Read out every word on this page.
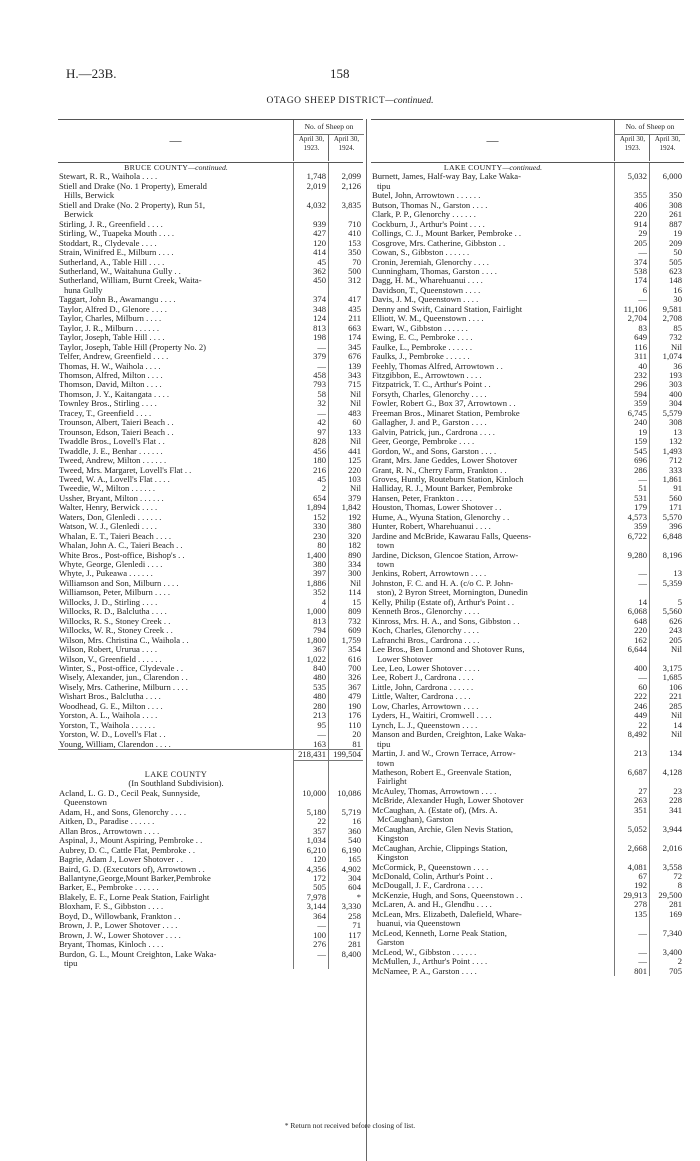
H.—23B.	158
OTAGO SHEEP DISTRICT—continued.
—
No. of Sheep on
April 30, 1923.
April 30, 1924.
BRUCE COUNTY—continued.
Stewart, R. R., Waihola . . . .	1,748	2,099
Stiell and Drake (No. 1 Property), Emerald	2,019	2,126
Hills, Berwick
Stiell and Drake (No. 2 Property), Run 51,	4,032	3,835
Berwick
Stirling, J. R., Greenfield . . . .	939	710
Stirling, W., Tuapeka Mouth . . . .	427	410
Stoddart, R., Clydevale . . . .	120	153
Strain, Winifred E., Milburn . . . .	414	350
Sutherland, A., Table Hill . . . .	45	70
Sutherland, W., Waitahuna Gully . .	362	500
Sutherland, William, Burnt Creek, Waita-	450	312
huna Gully
Taggart, John B., Awamangu . . . .	374	417
Taylor, Alfred D., Glenore . . . .	348	435
Taylor, Charles, Milburn . . . .	124	211
Taylor, J. R., Milburn . . . . . .	813	663
Taylor, Joseph, Table Hill . . . .	198	174
Taylor, Joseph, Table Hill (Property No. 2)	—	345
Telfer, Andrew, Greenfield . . . .	379	676
Thomas, H. W., Waihola . . . .	—	139
Thomson, Alfred, Milton . . . .	458	343
Thomson, David, Milton . . . .	793	715
Thomson, J. Y., Kaitangata . . . .	58	Nil
Townley Bros., Stirling . . . .	32	Nil
Tracey, T., Greenfield . . . .	—	483
Trounson, Albert, Taieri Beach . .	42	60
Trounson, Edson, Taieri Beach . .	97	133
Twaddle Bros., Lovell's Flat . .	828	Nil
Twaddle, J. E., Benhar . . . . . .	456	441
Tweed, Andrew, Milton . . . . . .	180	125
Tweed, Mrs. Margaret, Lovell's Flat . .	216	220
Tweed, W. A., Lovell's Flat . . . .	45	103
Tweedie, W., Milton . . . . . .	2	Nil
Ussher, Bryant, Milton . . . . . .	654	379
Walter, Henry, Berwick . . . .	1,894	1,842
Waters, Don, Glenledi . . . . . .	152	192
Watson, W. J., Glenledi . . . .	330	380
Whalan, E. T., Taieri Beach . . . .	230	320
Whalan, John A. C., Taieri Beach . .	80	182
White Bros., Post-office, Bishop's . .	1,400	890
Whyte, George, Glenledi . . . .	380	334
Whyte, J., Pukeawa . . . . . .	397	300
Williamson and Son, Milburn . . . .	1,886	Nil
Williamson, Peter, Milburn . . . .	352	114
Willocks, J. D., Stirling . . . .	4	15
Willocks, R. D., Balclutha . . . .	1,000	809
Willocks, R. S., Stoney Creek . .	813	732
Willocks, W. R., Stoney Creek . .	794	609
Wilson, Mrs. Christina C., Waihola . .	1,800	1,759
Wilson, Robert, Ururua . . . .	367	354
Wilson, V., Greenfield . . . . . .	1,022	616
Winter, S., Post-office, Clydevale . .	840	700
Wisely, Alexander, jun., Clarendon . .	480	326
Wisely, Mrs. Catherine, Milburn . . . .	535	367
Wishart Bros., Balclutha . . . .	480	479
Woodhead, G. E., Milton . . . .	280	190
Yorston, A. L., Waihola . . . .	213	176
Yorston, T., Waihola . . . . . .	95	110
Yorston, W. D., Lovell's Flat . .	—	20
Young, William, Clarendon . . . .	163	81
218,431 199,504

LAKE COUNTY
(In Southland Subdivision).
Acland, L. G. D., Cecil Peak, Sunnyside,	10,000	10,086
Queenstown
Adam, H., and Sons, Glenorchy . . . .	5,180	5,719
Aitken, D., Paradise . . . . . .	22	16
Allan Bros., Arrowtown . . . .	357	360
Aspinal, J., Mount Aspiring, Pembroke . .	1,034	540
Aubrey, D. C., Cattle Flat, Pembroke . .	6,210	6,190
Bagrie, Adam J., Lower Shotover . .	120	165
Baird, G. D. (Executors of), Arrowtown . .	4,356	4,902
Ballantyne,George,Mount Barker,Pembroke	172	304
Barker, E., Pembroke . . . . . .	505	604
Blakely, E. F., Lorne Peak Station, Fairlight	7,978	*
Bloxham, F. S., Gibbston . . . .	3,144	3,330
Boyd, D., Willowbank, Frankton . .	364	258
Brown, J. P., Lower Shotover . . . .	—	71
Brown, J. W., Lower Shotover . . . .	100	117
Bryant, Thomas, Kinloch . . . .	276	281
Burdon, G. L., Mount Creighton, Lake Waka-	—	8,400
tipu
—
No. of Sheep on
April 30, 1923.
April 30, 1924.
LAKE COUNTY—continued.
Burnett, James, Half-way Bay, Lake Waka-	5,032	6,000
tipu
Butel, John, Arrowtown . . . . . .	355	350
Butson, Thomas N., Garston . . . .	406	308
Clark, P. P., Glenorchy . . . . . .	220	261
Cockburn, J., Arthur's Point . . . .	914	887
Collings, C. J., Mount Barker, Pembroke . .	29	19
Cosgrove, Mrs. Catherine, Gibbston . .	205	209
Cowan, S., Gibbston . . . . . .	—	50
Cronin, Jeremiah, Glenorchy . . . .	374	505
Cunningham, Thomas, Garston . . . .	538	623
Dagg, H. M., Wharehuanui . . . .	174	148
Davidson, T., Queenstown . . . .	6	16
Davis, J. M., Queenstown . . . .	—	30
Denny and Swift, Cainard Station, Fairlight	11,106	9,581
Elliott, W. M., Queenstown . . . .	2,704	2,708
Ewart, W., Gibbston . . . . . .	83	85
Ewing, E. C., Pembroke . . . .	649	732
Faulke, L., Pembroke . . . . . .	116	Nil
Faulks, J., Pembroke . . . . . .	311	1,074
Feehly, Thomas Alfred, Arrowtown . .	40	36
Fitzgibbon, E., Arrowtown . . . .	232	193
Fitzpatrick, T. C., Arthur's Point . .	296	303
Forsyth, Charles, Glenorchy . . . .	594	400
Fowler, Robert G., Box 37, Arrowtown . .	359	304
Freeman Bros., Minaret Station, Pembroke	6,745	5,579
Gallagher, J. and P., Garston . . . .	240	308
Galvin, Patrick, jun., Cardrona . . . .	19	13
Geer, George, Pembroke . . . .	159	132
Gordon, W., and Sons, Garston . . . .	545	1,493
Grant, Mrs. Jane Geddes, Lower Shotover	696	712
Grant, R. N., Cherry Farm, Frankton . .	286	333
Groves, Huntly, Routeburn Station, Kinloch	—	1,861
Halliday, R. J., Mount Barker, Pembroke	51	91
Hansen, Peter, Frankton . . . .	531	560
Houston, Thomas, Lower Shotover . .	179	171
Hume, A., Wyuna Station, Glenorchy . .	4,573	5,570
Hunter, Robert, Wharehuanui . . . .	359	396
Jardine and McBride, Kawarau Falls, Queens-	6,722	6,848
town
Jardine, Dickson, Glencoe Station, Arrow-	9,280	8,196
town
Jenkins, Robert, Arrowtown . . . .	—	13
Johnston, F. C. and H. A. (c/o C. P. John-	—	5,359
ston), 2 Byron Street, Mornington, Dunedin
Kelly, Philip (Estate of), Arthur's Point . .	14	5
Kenneth Bros., Glenorchy . . . .	6,068	5,560
Kinross, Mrs. H. A., and Sons, Gibbston . .	648	626
Koch, Charles, Glenorchy . . . .	220	243
Lafranchi Bros., Cardrona . . . .	162	205
Lee Bros., Ben Lomond and Shotover Runs,	6,644	Nil
Lower Shotover
Lee, Leo, Lower Shotover . . . .	400	3,175
Lee, Robert J., Cardrona . . . .	—	1,685
Little, John, Cardrona . . . . . .	60	106
Little, Walter, Cardrona . . . .	222	221
Low, Charles, Arrowtown . . . .	246	285
Lyders, H., Waitiri, Cromwell . . . .	449	Nil
Lynch, L. J., Queenstown . . . .	22	14
Manson and Burden, Creighton, Lake Waka-	8,492	Nil
tipu
Martin, J. and W., Crown Terrace, Arrow-	213	134
town
Matheson, Robert E., Greenvale Station,	6,687	4,128
Fairlight
McAuley, Thomas, Arrowtown . . . .	27	23
McBride, Alexander Hugh, Lower Shotover	263	228
McCaughan, A. (Estate of), (Mrs. A.	351	341
McCaughan), Garston
McCaughan, Archie, Glen Nevis Station,	5,052	3,944
Kingston
McCaughan, Archie, Clippings Station,	2,668	2,016
Kingston
McCormick, P., Queenstown . . . .	4,081	3,558
McDonald, Colin, Arthur's Point . .	67	72
McDougall, J. F., Cardrona . . . .	192	8
McKenzie, Hugh, and Sons, Queenstown . .	29,913	29,500
McLaren, A. and H., Glendhu . . . .	278	281
McLean, Mrs. Elizabeth, Dalefield, Whare-	135	169
huanui, via Queenstown
McLeod, Kenneth, Lorne Peak Station,	—	7,340
Garston
McLeod, W., Gibbston . . . . . .	—	3,400
McMullen, J., Arthur's Point . . . .	—	2
McNamee, P. A., Garston . . . .	801	705
* Return not received before closing of list.
